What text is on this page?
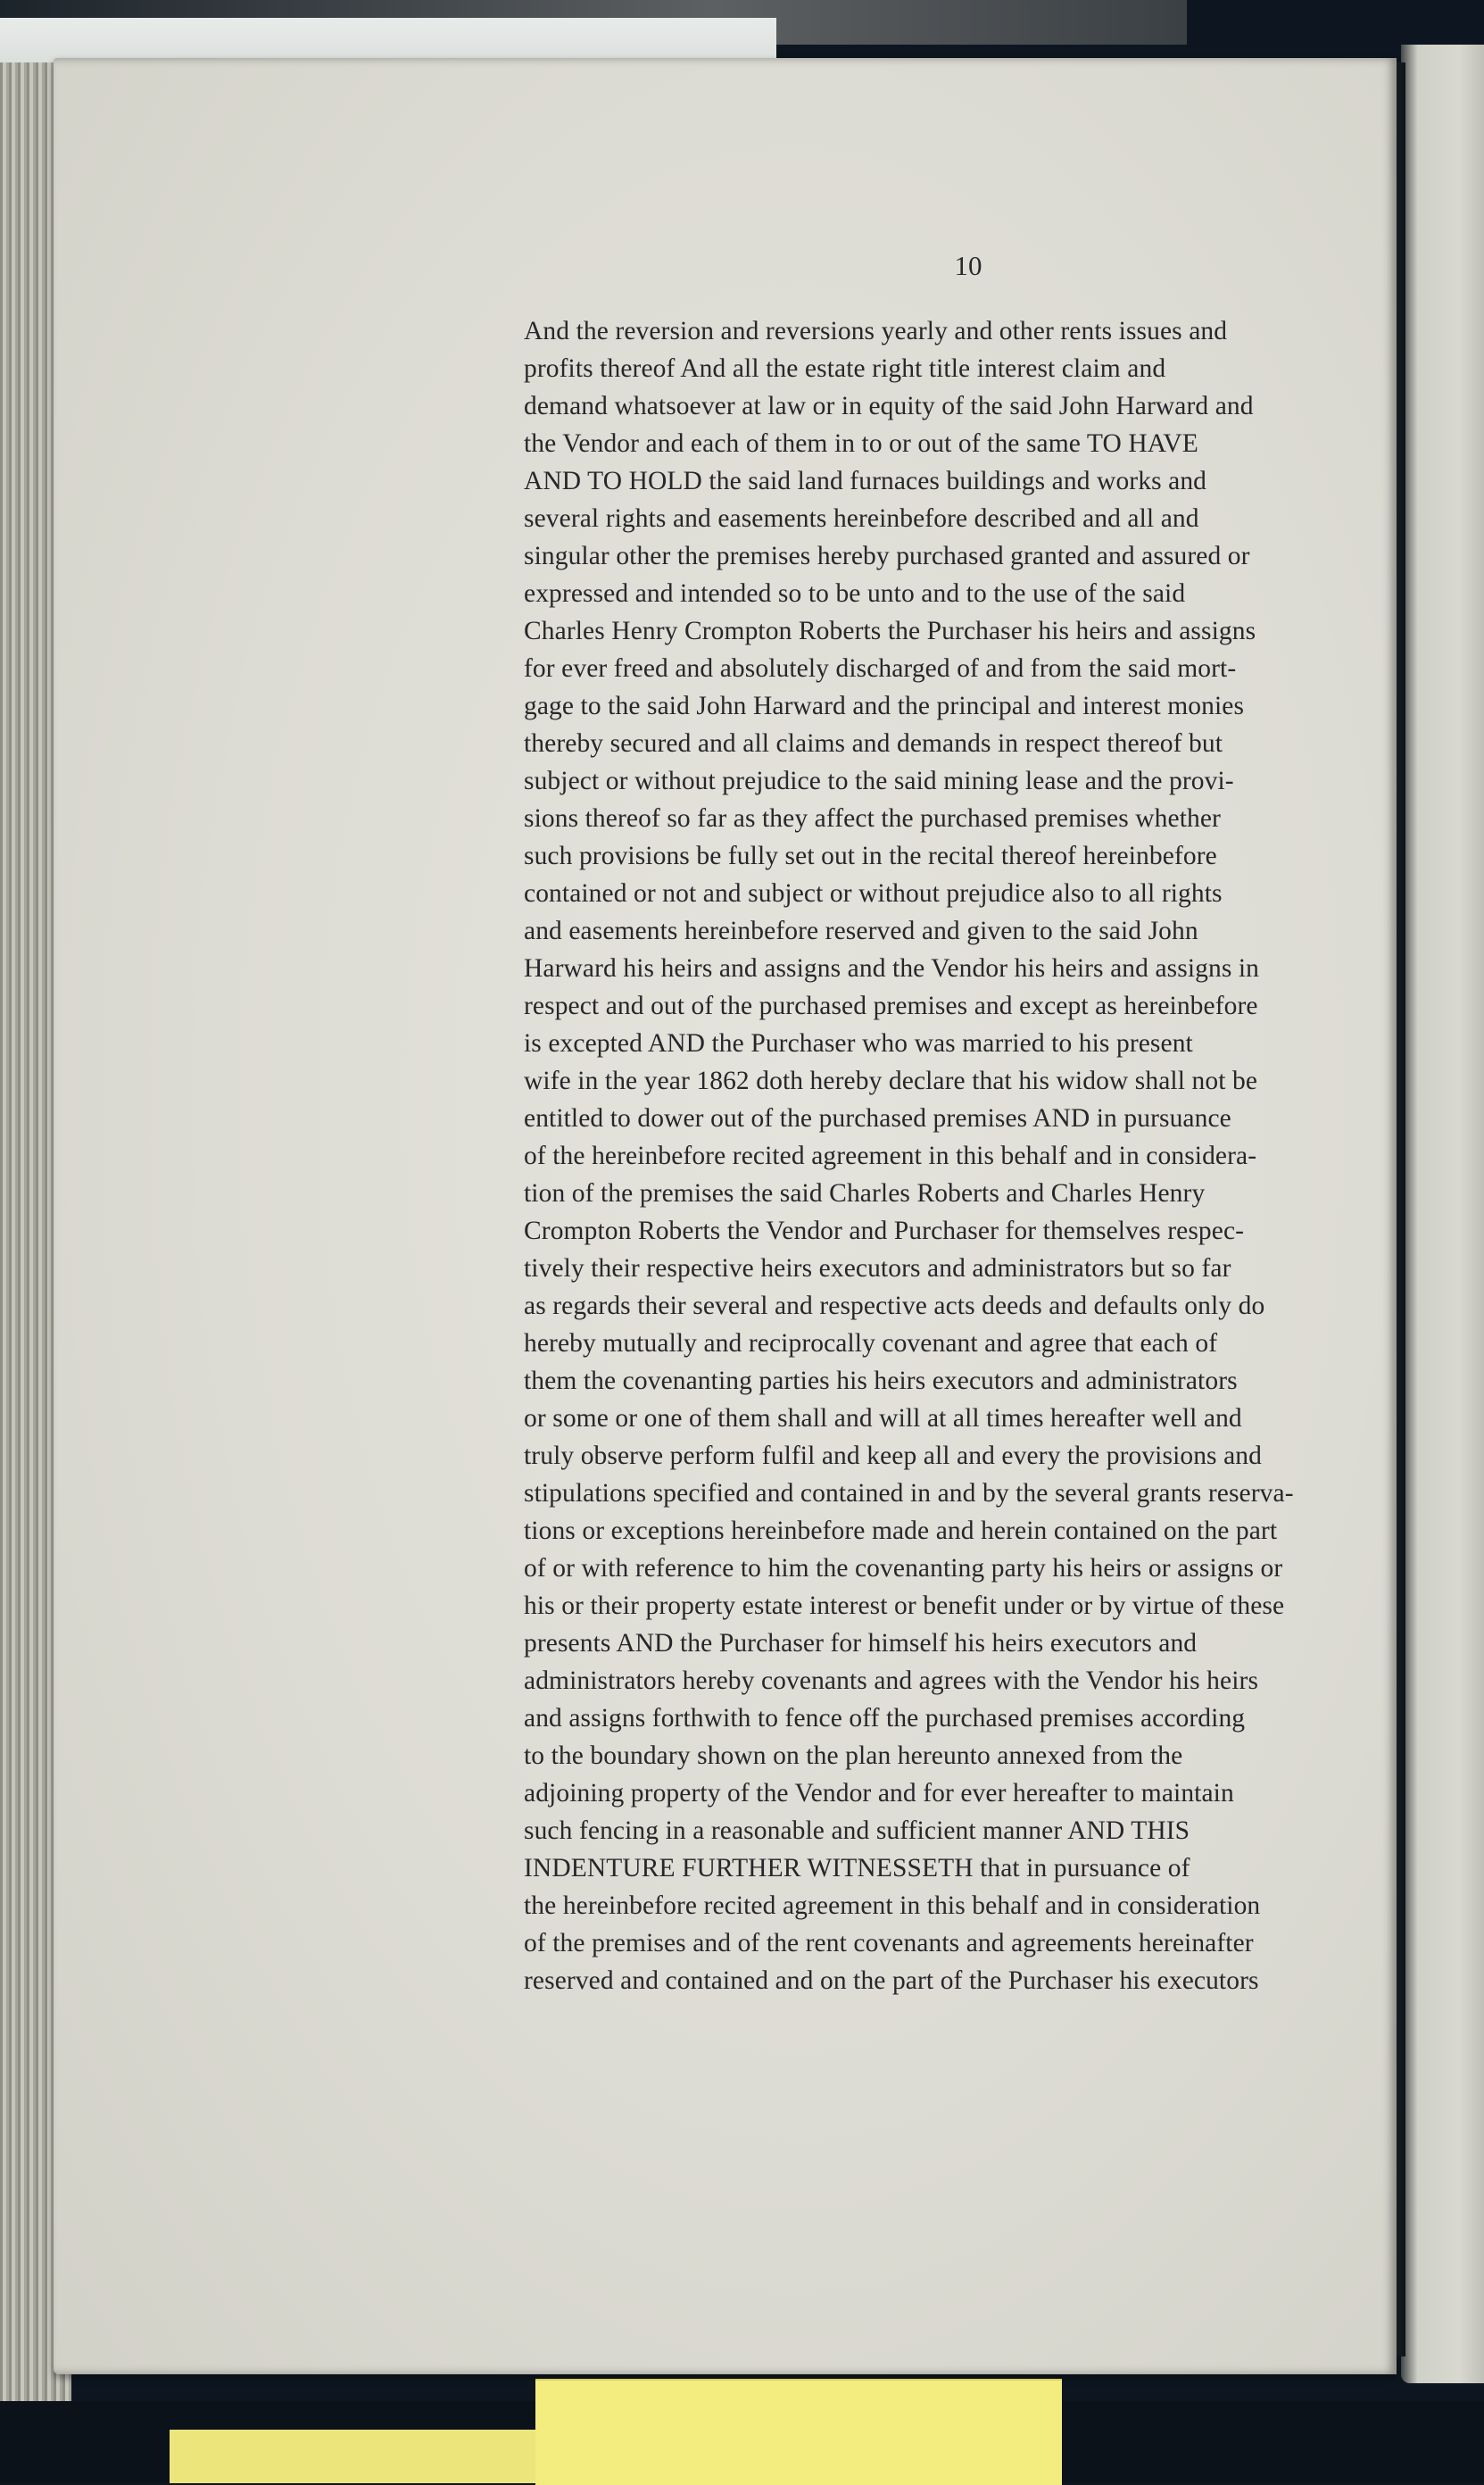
10
And the reversion and reversions yearly and other rents issues and
profits thereof And all the estate right title interest claim and
demand whatsoever at law or in equity of the said John Harward and
the Vendor and each of them in to or out of the same TO HAVE
AND TO HOLD the said land furnaces buildings and works and
several rights and easements hereinbefore described and all and
singular other the premises hereby purchased granted and assured or
expressed and intended so to be unto and to the use of the said
Charles Henry Crompton Roberts the Purchaser his heirs and assigns
for ever freed and absolutely discharged of and from the said mort-
gage to the said John Harward and the principal and interest monies
thereby secured and all claims and demands in respect thereof but
subject or without prejudice to the said mining lease and the provi-
sions thereof so far as they affect the purchased premises whether
such provisions be fully set out in the recital thereof hereinbefore
contained or not and subject or without prejudice also to all rights
and easements hereinbefore reserved and given to the said John
Harward his heirs and assigns and the Vendor his heirs and assigns in
respect and out of the purchased premises and except as hereinbefore
is excepted AND the Purchaser who was married to his present
wife in the year 1862 doth hereby declare that his widow shall not be
entitled to dower out of the purchased premises AND in pursuance
of the hereinbefore recited agreement in this behalf and in considera-
tion of the premises the said Charles Roberts and Charles Henry
Crompton Roberts the Vendor and Purchaser for themselves respec-
tively their respective heirs executors and administrators but so far
as regards their several and respective acts deeds and defaults only do
hereby mutually and reciprocally covenant and agree that each of
them the covenanting parties his heirs executors and administrators
or some or one of them shall and will at all times hereafter well and
truly observe perform fulfil and keep all and every the provisions and
stipulations specified and contained in and by the several grants reserva-
tions or exceptions hereinbefore made and herein contained on the part
of or with reference to him the covenanting party his heirs or assigns or
his or their property estate interest or benefit under or by virtue of these
presents AND the Purchaser for himself his heirs executors and
administrators hereby covenants and agrees with the Vendor his heirs
and assigns forthwith to fence off the purchased premises according
to the boundary shown on the plan hereunto annexed from the
adjoining property of the Vendor and for ever hereafter to maintain
such fencing in a reasonable and sufficient manner AND THIS
INDENTURE FURTHER WITNESSETH that in pursuance of
the hereinbefore recited agreement in this behalf and in consideration
of the premises and of the rent covenants and agreements hereinafter
reserved and contained and on the part of the Purchaser his executors
